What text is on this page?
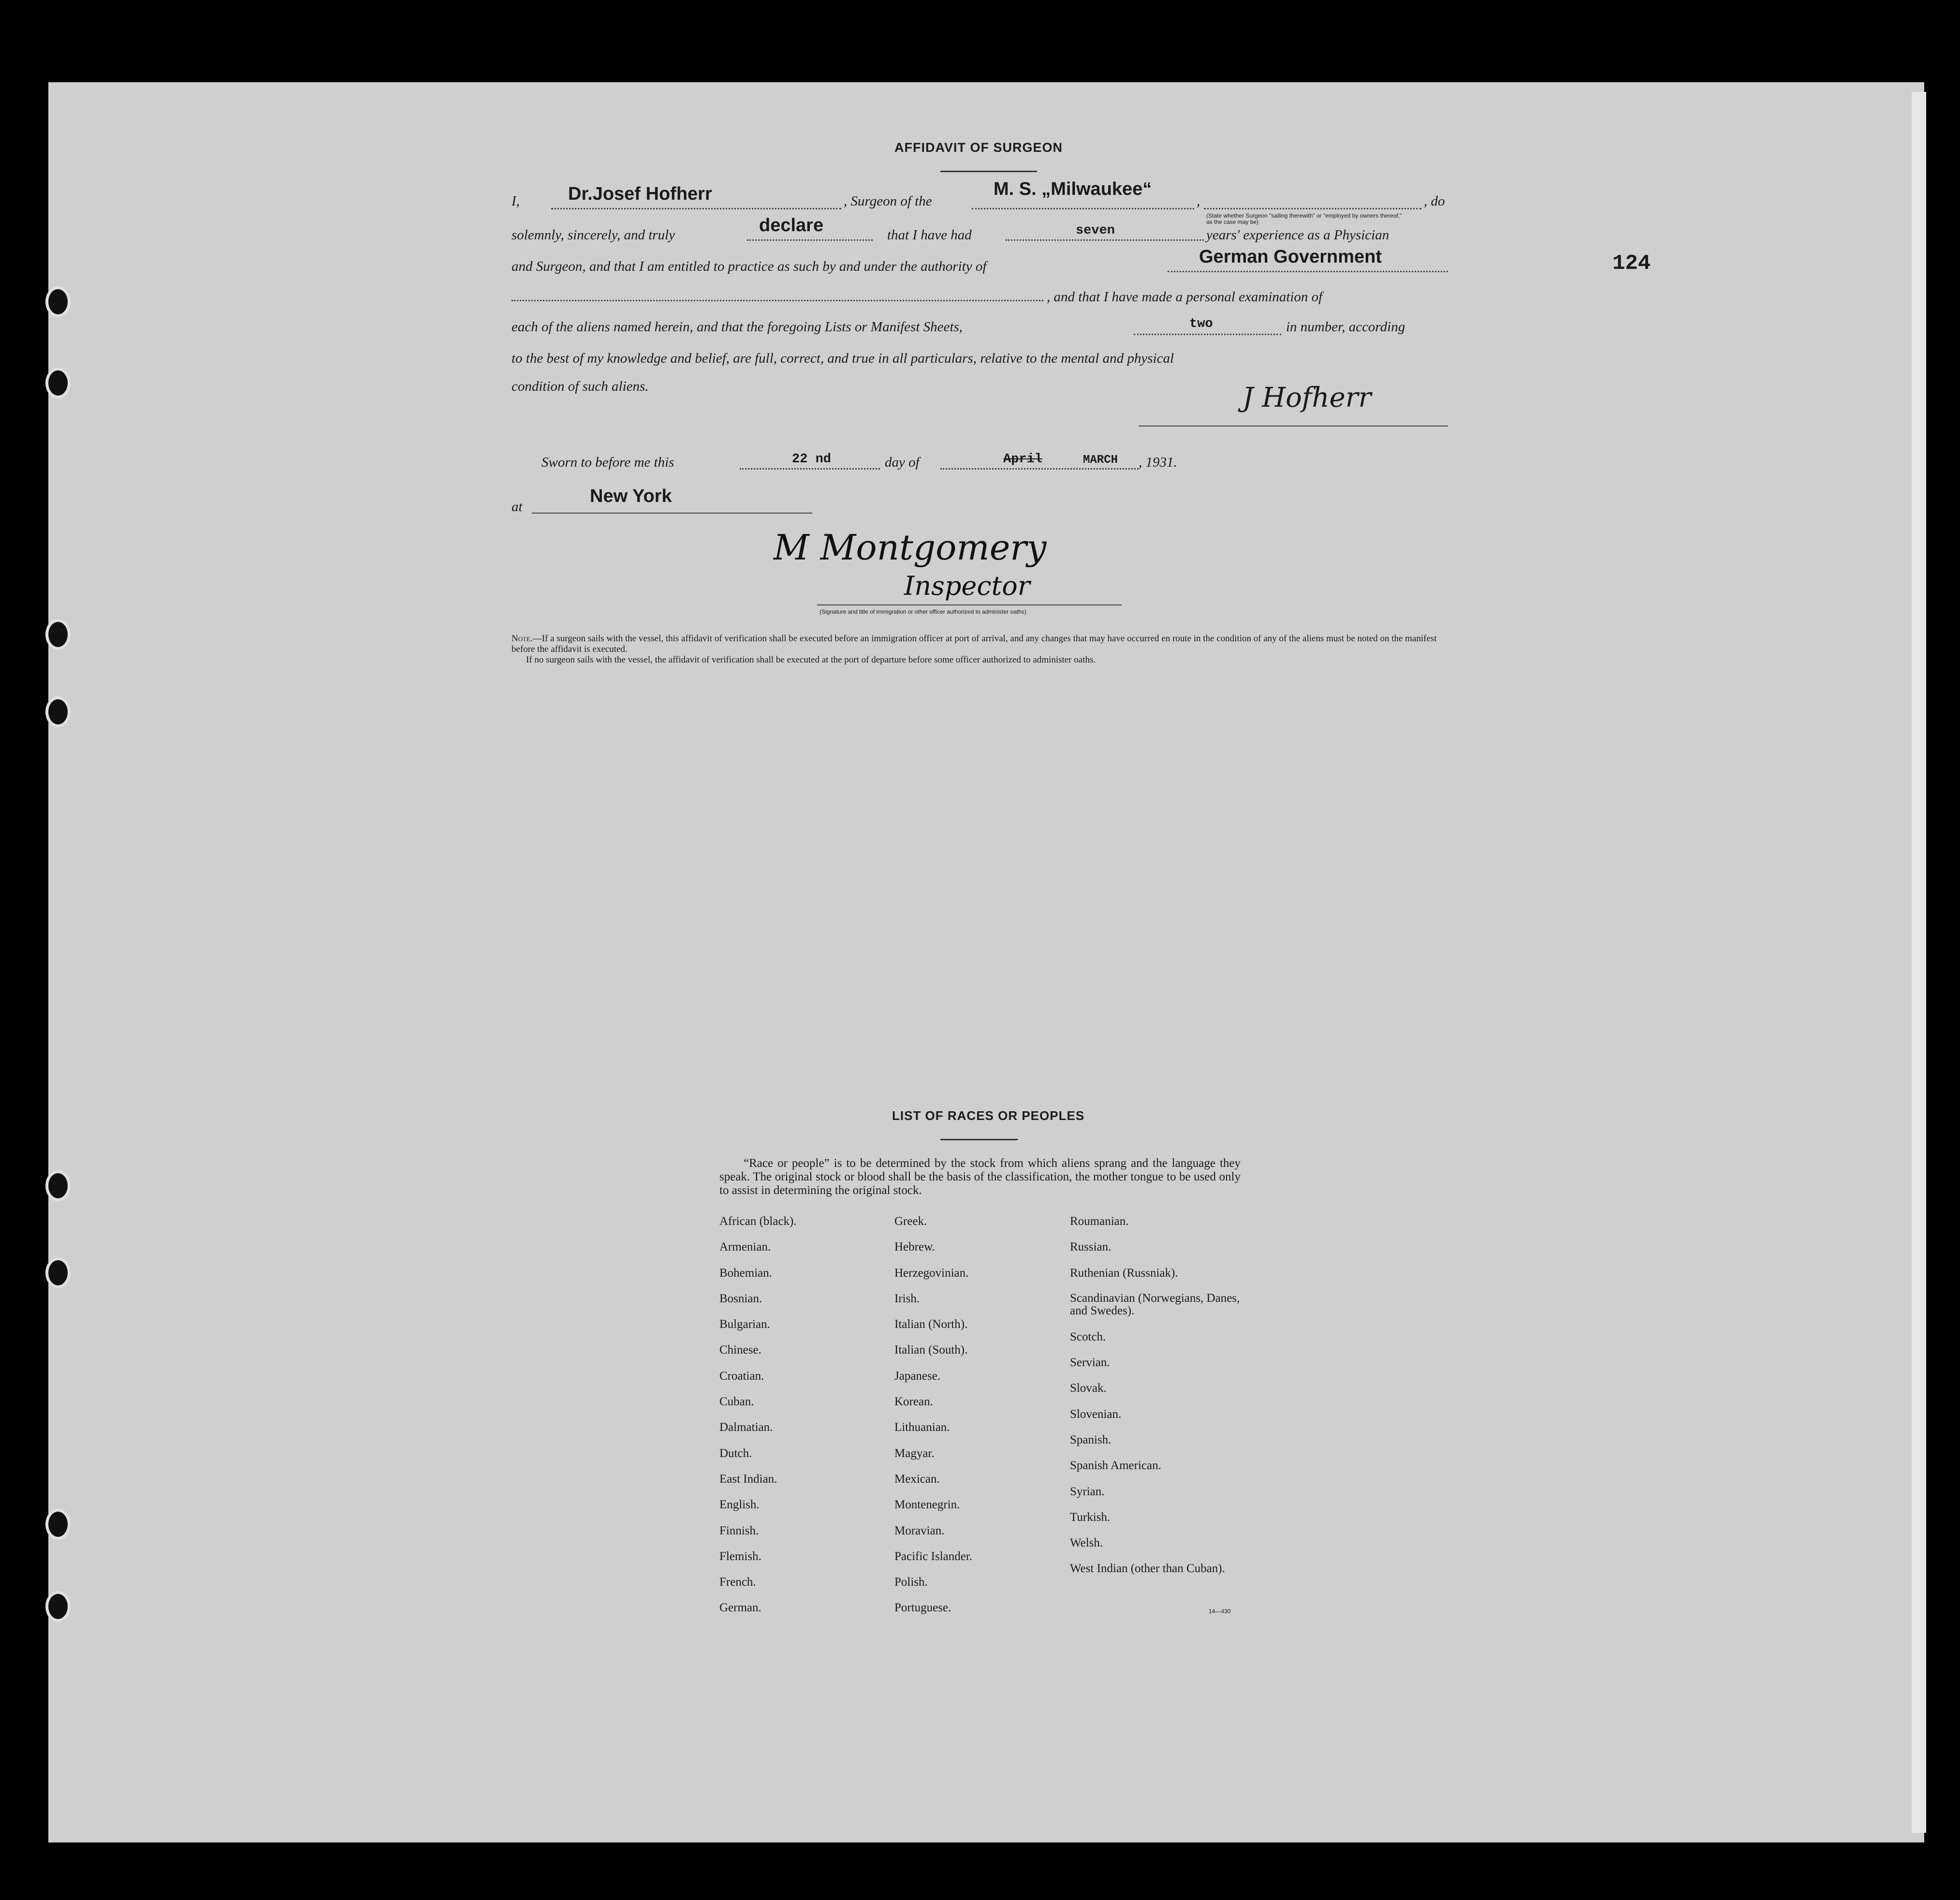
124
AFFIDAVIT OF SURGEON
I,	Dr.Josef Hofherr	, Surgeon of the
M. S. „Milwaukee“
,	, do
(State whether Surgeon "sailing therewith" or "employed by owners thereof," as the case may be)
solemnly, sincerely, and truly	declare	that I have had	seven	years' experience as a Physician
and Surgeon, and that I am entitled to practice as such by and under the authority of	German Government
, and that I have made a personal examination of
each of the aliens named herein, and that the foregoing Lists or Manifest Sheets,	two	in number, according
to the best of my knowledge and belief, are full, correct, and true in all particulars, relative to the mental and physical
condition of such aliens.	J Hofherr
Sworn to before me this	22 nd	day of	April	MARCH , 1931.
at
New York
M Montgomery
Inspector
(Signature and title of immigration or other officer authorized to administer oaths)
Note.—If a surgeon sails with the vessel, this affidavit of verification shall be executed before an immigration officer at port of arrival, and any changes that may have occurred en route in the condition of any of the aliens must be noted on the manifest before the affidavit is executed.
If no surgeon sails with the vessel, the affidavit of verification shall be executed at the port of departure before some officer authorized to administer oaths.
LIST OF RACES OR PEOPLES
“Race or people” is to be determined by the stock from which aliens sprang and the language they speak. The original stock or blood shall be the basis of the classification, the mother tongue to be used only to assist in determining the original stock.
African (black).
Armenian.
Bohemian.
Bosnian.
Bulgarian.
Chinese.
Croatian.
Cuban.
Dalmatian.
Dutch.
East Indian.
English.
Finnish.
Flemish.
French.
German.
Greek.
Hebrew.
Herzegovinian.
Irish.
Italian (North).
Italian (South).
Japanese.
Korean.
Lithuanian.
Magyar.
Mexican.
Montenegrin.
Moravian.
Pacific Islander.
Polish.
Portuguese.
Roumanian.
Russian.
Ruthenian (Russniak).
Scandinavian (Norwegians, Danes, and Swedes).
Scotch.
Servian.
Slovak.
Slovenian.
Spanish.
Spanish American.
Syrian.
Turkish.
Welsh.
West Indian (other than Cuban).
14—430
